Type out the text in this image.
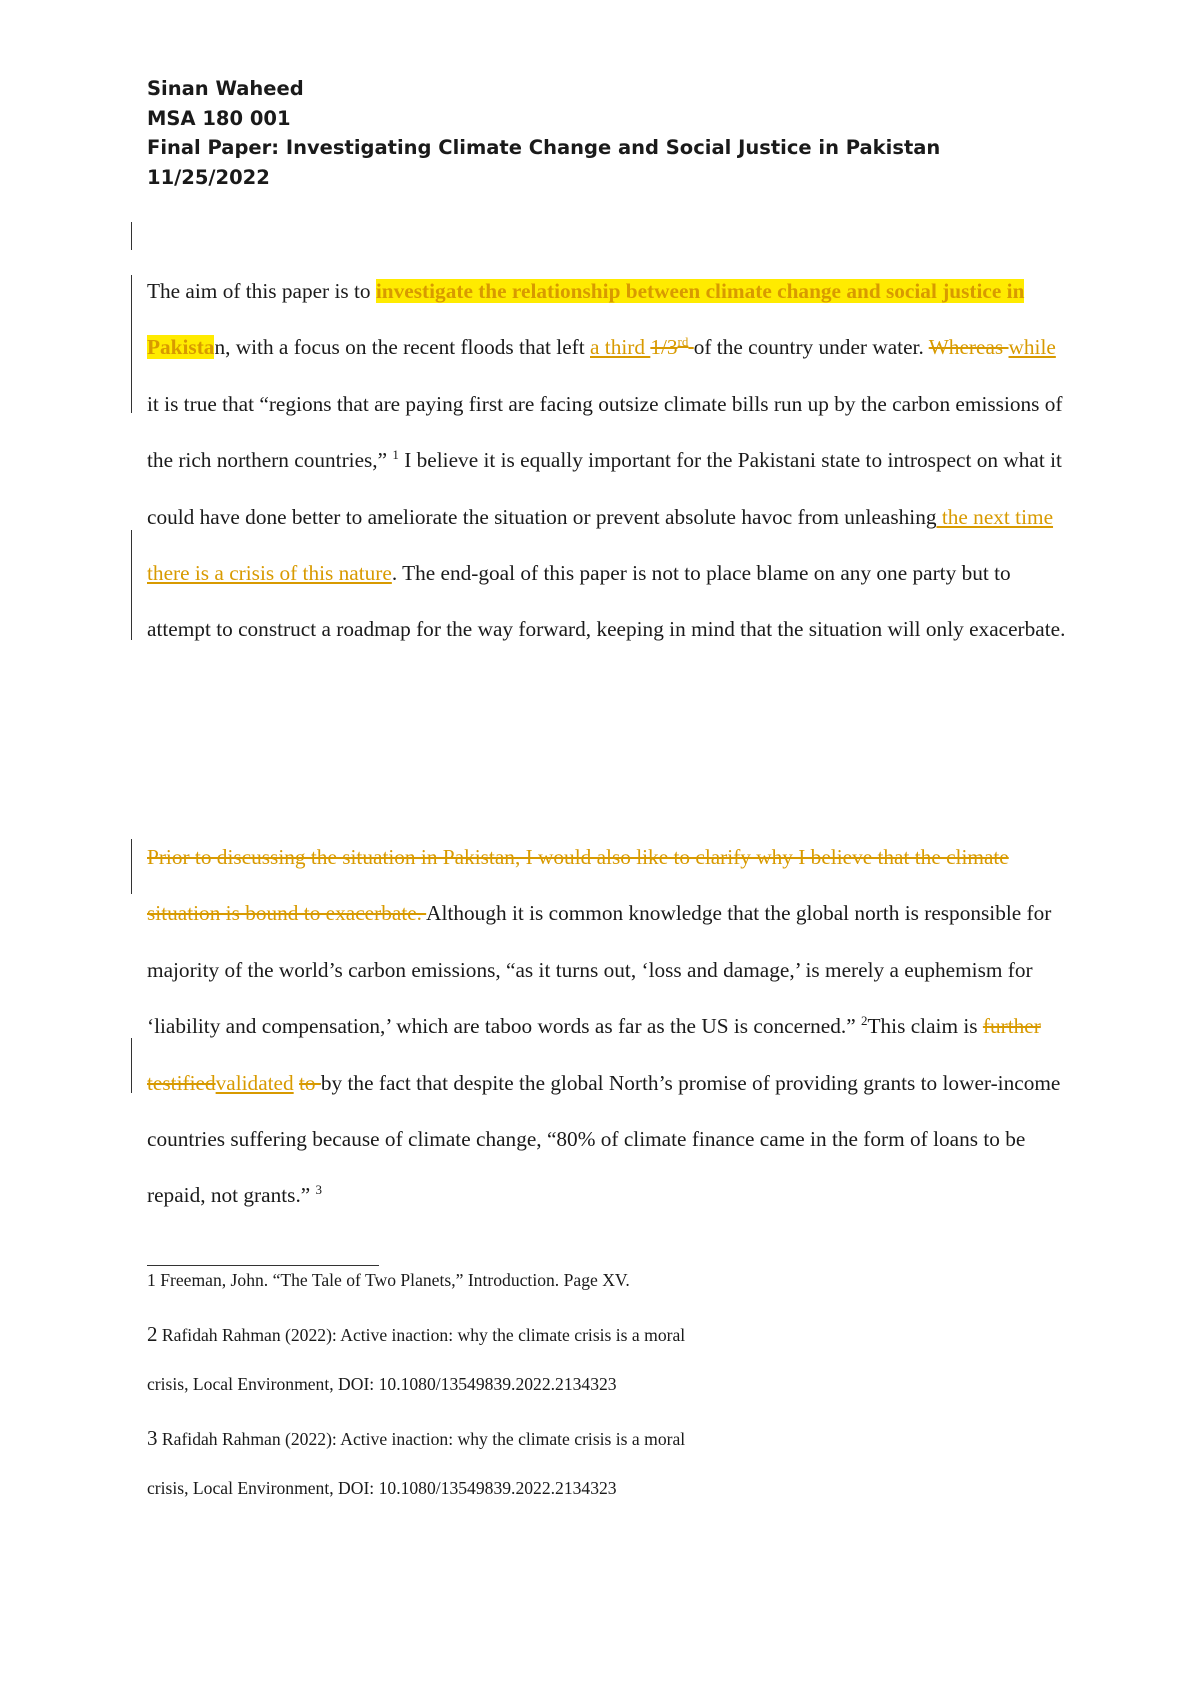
Sinan Waheed
MSA 180 001
Final Paper: Investigating Climate Change and Social Justice in Pakistan
11/25/2022
The aim of this paper is to investigate the relationship between climate change and social justice in Pakistan, with a focus on the recent floods that left a third 1/3rd of the country under water. Whereas while it is true that “regions that are paying first are facing outsize climate bills run up by the carbon emissions of the rich northern countries,” $^1$ I believe it is equally important for the Pakistani state to introspect on what it could have done better to ameliorate the situation or prevent absolute havoc from unleashing the next time there is a crisis of this nature. The end-goal of this paper is not to place blame on any one party but to attempt to construct a roadmap for the way forward, keeping in mind that the situation will only exacerbate.
Prior to discussing the situation in Pakistan, I would also like to clarify why I believe that the climate situation is bound to exacerbate. Although it is common knowledge that the global north is responsible for majority of the world’s carbon emissions, “as it turns out, ‘loss and damage,’ is merely a euphemism for ‘liability and compensation,’ which are taboo words as far as the US is concerned.” $^2$This claim is further testifiedvalidated to by the fact that despite the global North’s promise of providing grants to lower-income countries suffering because of climate change, “80% of climate finance came in the form of loans to be repaid, not grants.” $^3$
1 Freeman, John. “The Tale of Two Planets,” Introduction. Page XV.
2 Rafidah Rahman (2022): Active inaction: why the climate crisis is a moral
crisis, Local Environment, DOI: 10.1080/13549839.2022.2134323
3 Rafidah Rahman (2022): Active inaction: why the climate crisis is a moral
crisis, Local Environment, DOI: 10.1080/13549839.2022.2134323
